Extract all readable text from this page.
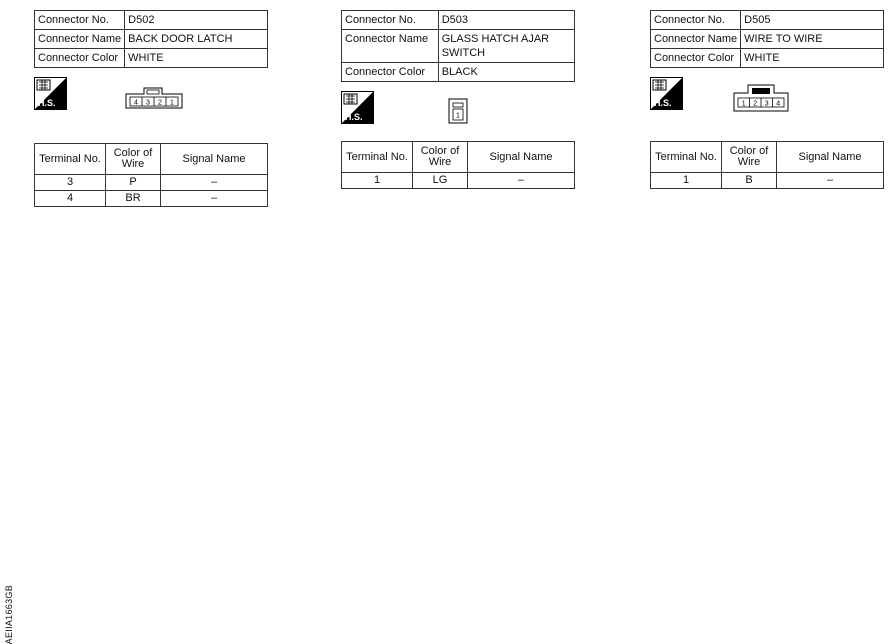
Connector No.	D502
Connector Name	BACK DOOR LATCH
Connector Color	WHITE
H.S.	4 3 2 1
Terminal No.	Color of Wire	Signal Name
3	P	–
4	BR	–
Connector No.	D503
Connector Name	GLASS HATCH AJAR SWITCH
Connector Color	BLACK
H.S.	1
Terminal No.	Color of Wire	Signal Name
1	LG	–
Connector No.	D505
Connector Name	WIRE TO WIRE
Connector Color	WHITE
H.S.	1 2 3 4
Terminal No.	Color of Wire	Signal Name
1	B	–
AEIIA1663GB
